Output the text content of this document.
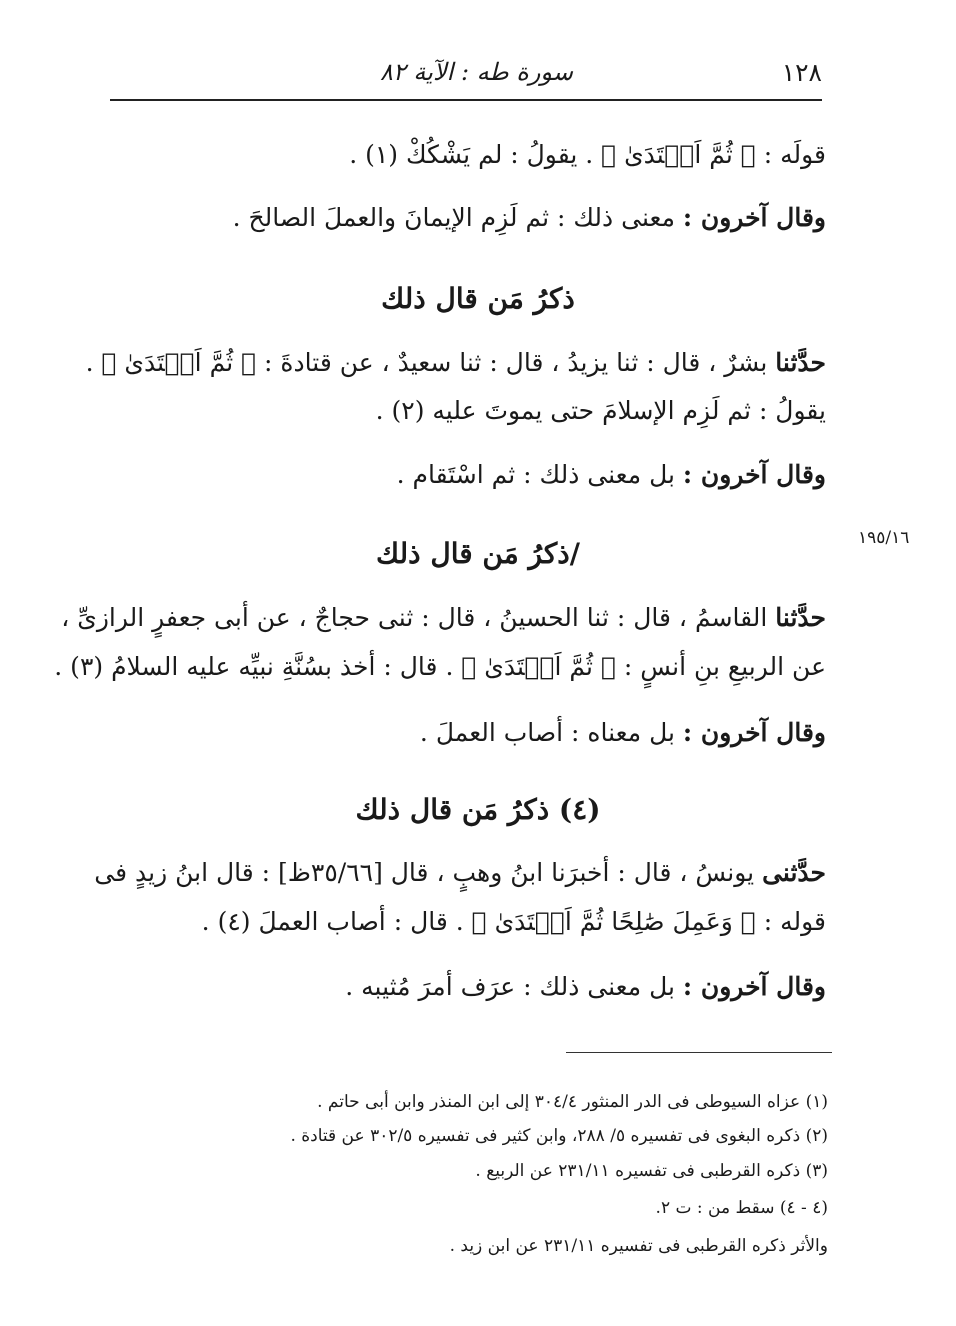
١٢٨
سورة طه : الآية ٨٢
١٩٥/١٦
قولَه : ﴿ ثُمَّ اَهۡتَدَىٰ ﴾ . يقولُ : لم يَشْكُكْ (١) .
وقال آخرون : معنى ذلك : ثم لَزِم الإيمانَ والعملَ الصالحَ .
ذكرُ مَن قال ذلك
حدَّثنا بشرٌ ، قال : ثنا يزيدُ ، قال : ثنا سعيدٌ ، عن قتادةَ : ﴿ ثُمَّ اَهۡتَدَىٰ ﴾ .
يقولُ : ثم لَزِم الإسلامَ حتى يموتَ عليه (٢) .
وقال آخرون : بل معنى ذلك : ثم اسْتَقام .
/ذكرُ مَن قال ذلك
حدَّثنا القاسمُ ، قال : ثنا الحسينُ ، قال : ثنى حجاجٌ ، عن أبى جعفرٍ الرازىِّ ،
عن الربيعِ بنِ أنسٍ : ﴿ ثُمَّ اَهۡتَدَىٰ ﴾ . قال : أخذ بسُنَّةِ نبيِّه عليه السلامُ (٣) .
وقال آخرون : بل معناه : أصاب العملَ .
(٤) ذكرُ مَن قال ذلك
حدَّثنى يونسُ ، قال : أخبرَنا ابنُ وهبٍ ، قال [٣٥/٦٦ظ] : قال ابنُ زيدٍ فى
قوله : ﴿ وَعَمِلَ صَٰلِحًا ثُمَّ اَهۡتَدَىٰ ﴾ . قال : أصاب العملَ (٤) .
وقال آخرون : بل معنى ذلك : عرَف أمرَ مُثيبه .
(١) عزاه السيوطى فى الدر المنثور ٣٠٤/٤ إلى ابن المنذر وابن أبى حاتم .
(٢) ذكره البغوى فى تفسيره ٥/ ٢٨٨، وابن كثير فى تفسيره ٣٠٢/٥ عن قتادة .
(٣) ذكره القرطبى فى تفسيره ٢٣١/١١ عن الربيع .
(٤ - ٤) سقط من : ت ٢.
والأثر ذكره القرطبى فى تفسيره ٢٣١/١١ عن ابن زيد .
